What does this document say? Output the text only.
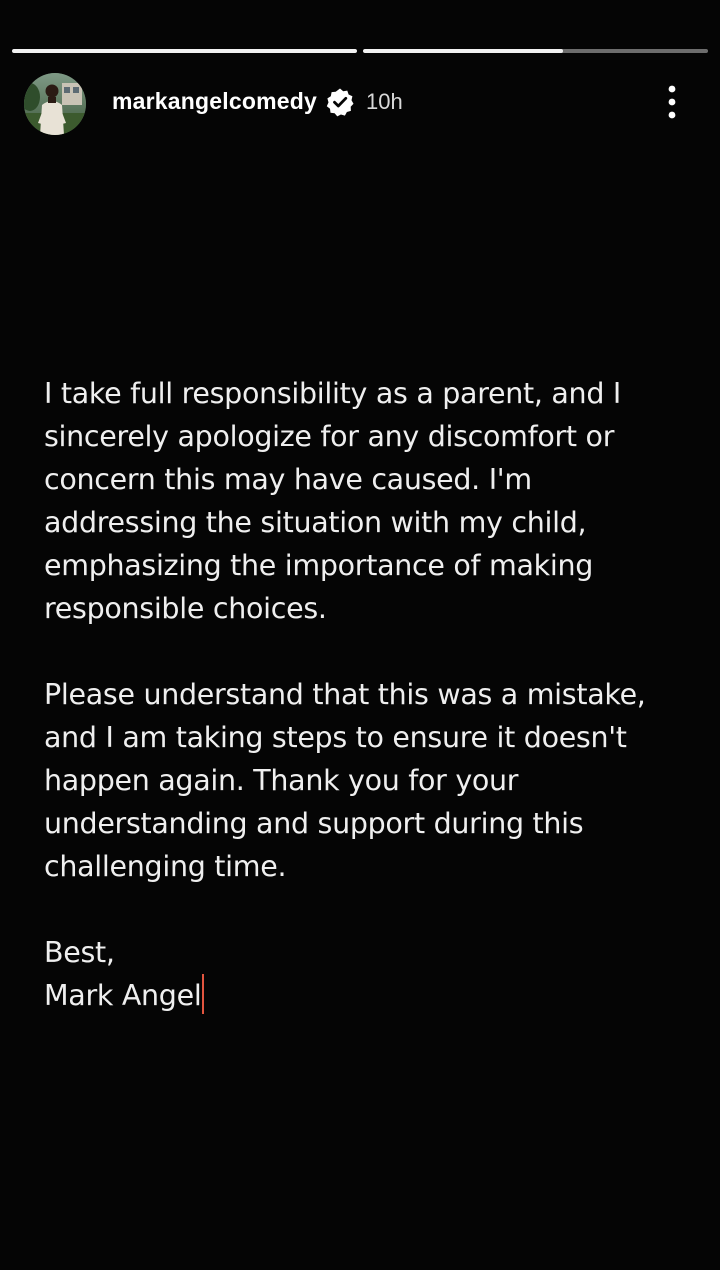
markangelcomedy 10h
I take full responsibility as a parent, and I
sincerely apologize for any discomfort or
concern this may have caused. I'm
addressing the situation with my child,
emphasizing the importance of making
responsible choices.
Please understand that this was a mistake,
and I am taking steps to ensure it doesn't
happen again. Thank you for your
understanding and support during this
challenging time.
Best,
Mark Angel
